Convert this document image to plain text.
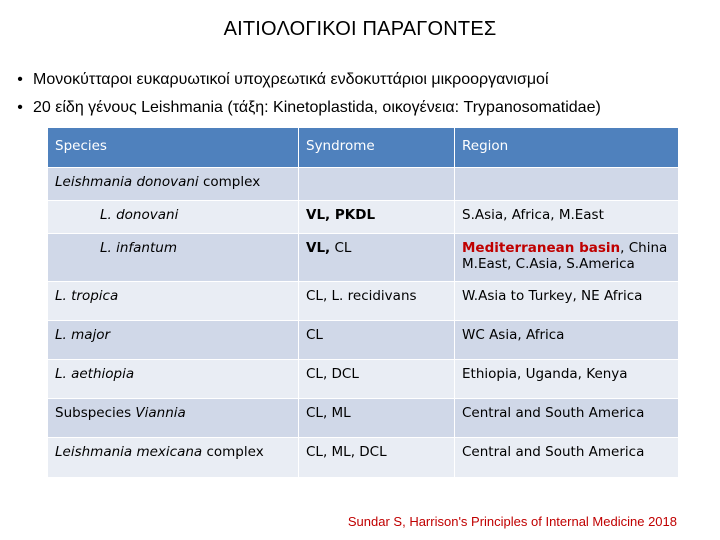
ΑΙΤΙΟΛΟΓΙΚΟΙ ΠΑΡΑΓΟΝΤΕΣ
• Μονοκύτταροι ευκαρυωτικοί υποχρεωτικά ενδοκυττάριοι μικροοργανισμοί
• 20 είδη γένους Leishmania (τάξη: Kinetoplastida, οικογένεια: Trypanosomatidae)
Species	Syndrome	Region
Leishmania donovani complex		
L. donovani	VL, PKDL	S.Asia, Africa, M.East
L. infantum	VL, CL	Mediterranean basin, China M.East, C.Asia, S.America
L. tropica	CL, L. recidivans	W.Asia to Turkey, NE Africa
L. major	CL	WC Asia, Africa
L. aethiopia	CL, DCL	Ethiopia, Uganda, Kenya
Subspecies Viannia	CL, ML	Central and South America
Leishmania mexicana complex	CL, ML, DCL	Central and South America
Sundar S, Harrison's Principles of Internal Medicine 2018
